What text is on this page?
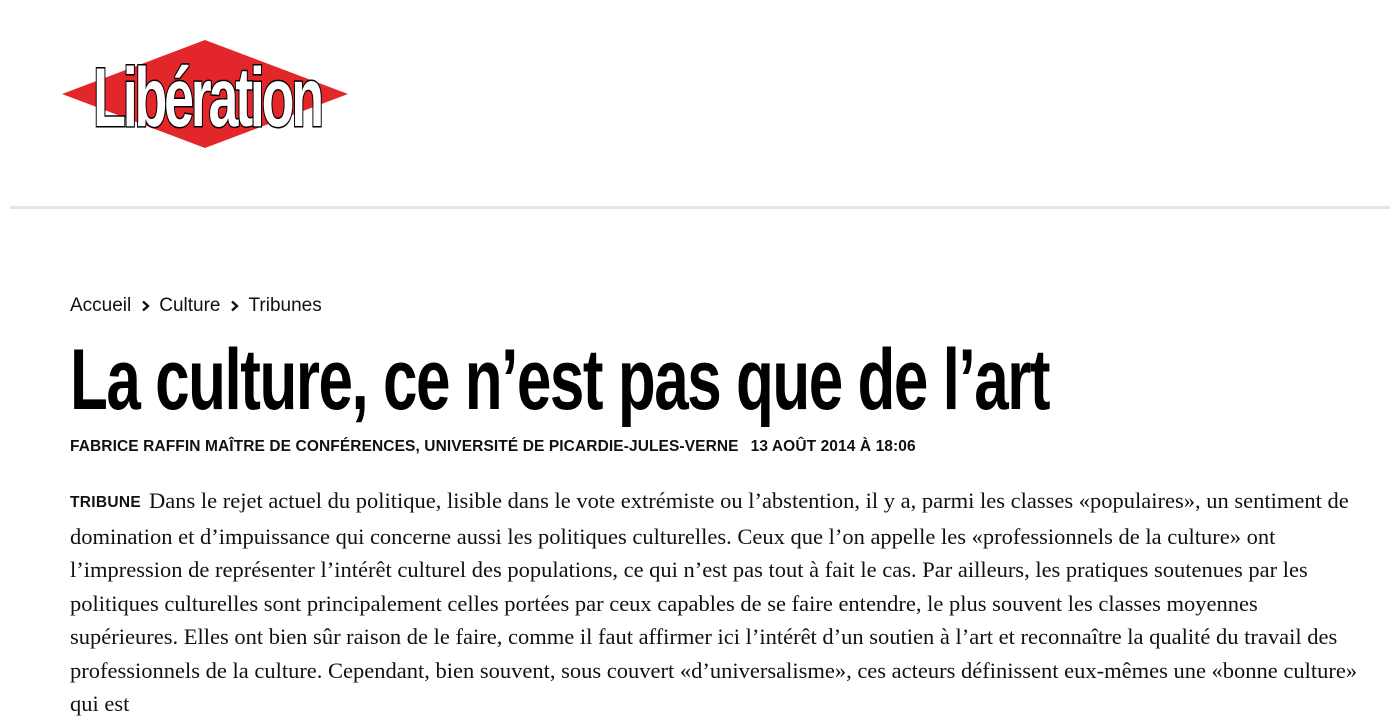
Libération
Accueil Culture Tribunes
La culture, ce n’est pas que de l’art
FABRICE RAFFIN MAÎTRE DE CONFÉRENCES, UNIVERSITÉ DE PICARDIE-JULES-VERNE 13 AOÛT 2014 À 18:06

TRIBUNE Dans le rejet actuel du politique, lisible dans le vote extrémiste ou l’abstention, il y a, parmi les classes «populaires», un sentiment de domination et d’impuissance qui concerne aussi les politiques culturelles. Ceux que l’on appelle les «professionnels de la culture» ont l’impression de représenter l’intérêt culturel des populations, ce qui n’est pas tout à fait le cas. Par ailleurs, les pratiques soutenues par les politiques culturelles sont principalement celles portées par ceux capables de se faire entendre, le plus souvent les classes moyennes supérieures. Elles ont bien sûr raison de le faire, comme il faut affirmer ici l’intérêt d’un soutien à l’art et reconnaître la qualité du travail des professionnels de la culture. Cependant, bien souvent, sous couvert «d’universalisme», ces acteurs définissent eux-mêmes une «bonne culture» qui est
